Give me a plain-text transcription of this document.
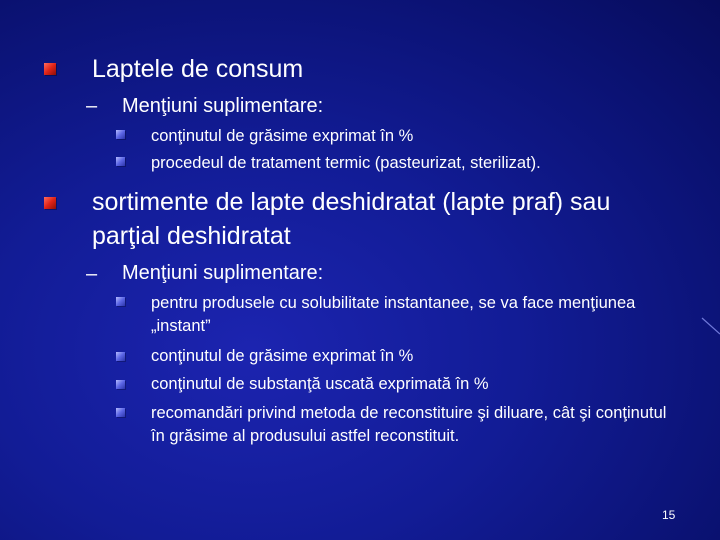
Laptele de consum
– Menţiuni suplimentare:
conţinutul de grăsime exprimat în %
procedeul de tratament termic (pasteurizat, sterilizat).
sortimente de lapte deshidratat (lapte praf) sau
parţial deshidratat
– Menţiuni suplimentare:
pentru produsele cu solubilitate instantanee, se va face menţiunea „instant”
conţinutul de grăsime exprimat în %
conţinutul de substanţă uscată exprimată în %
recomandări privind metoda de reconstituire şi diluare, cât şi conţinutul în grăsime al produsului astfel reconstituit.
15
